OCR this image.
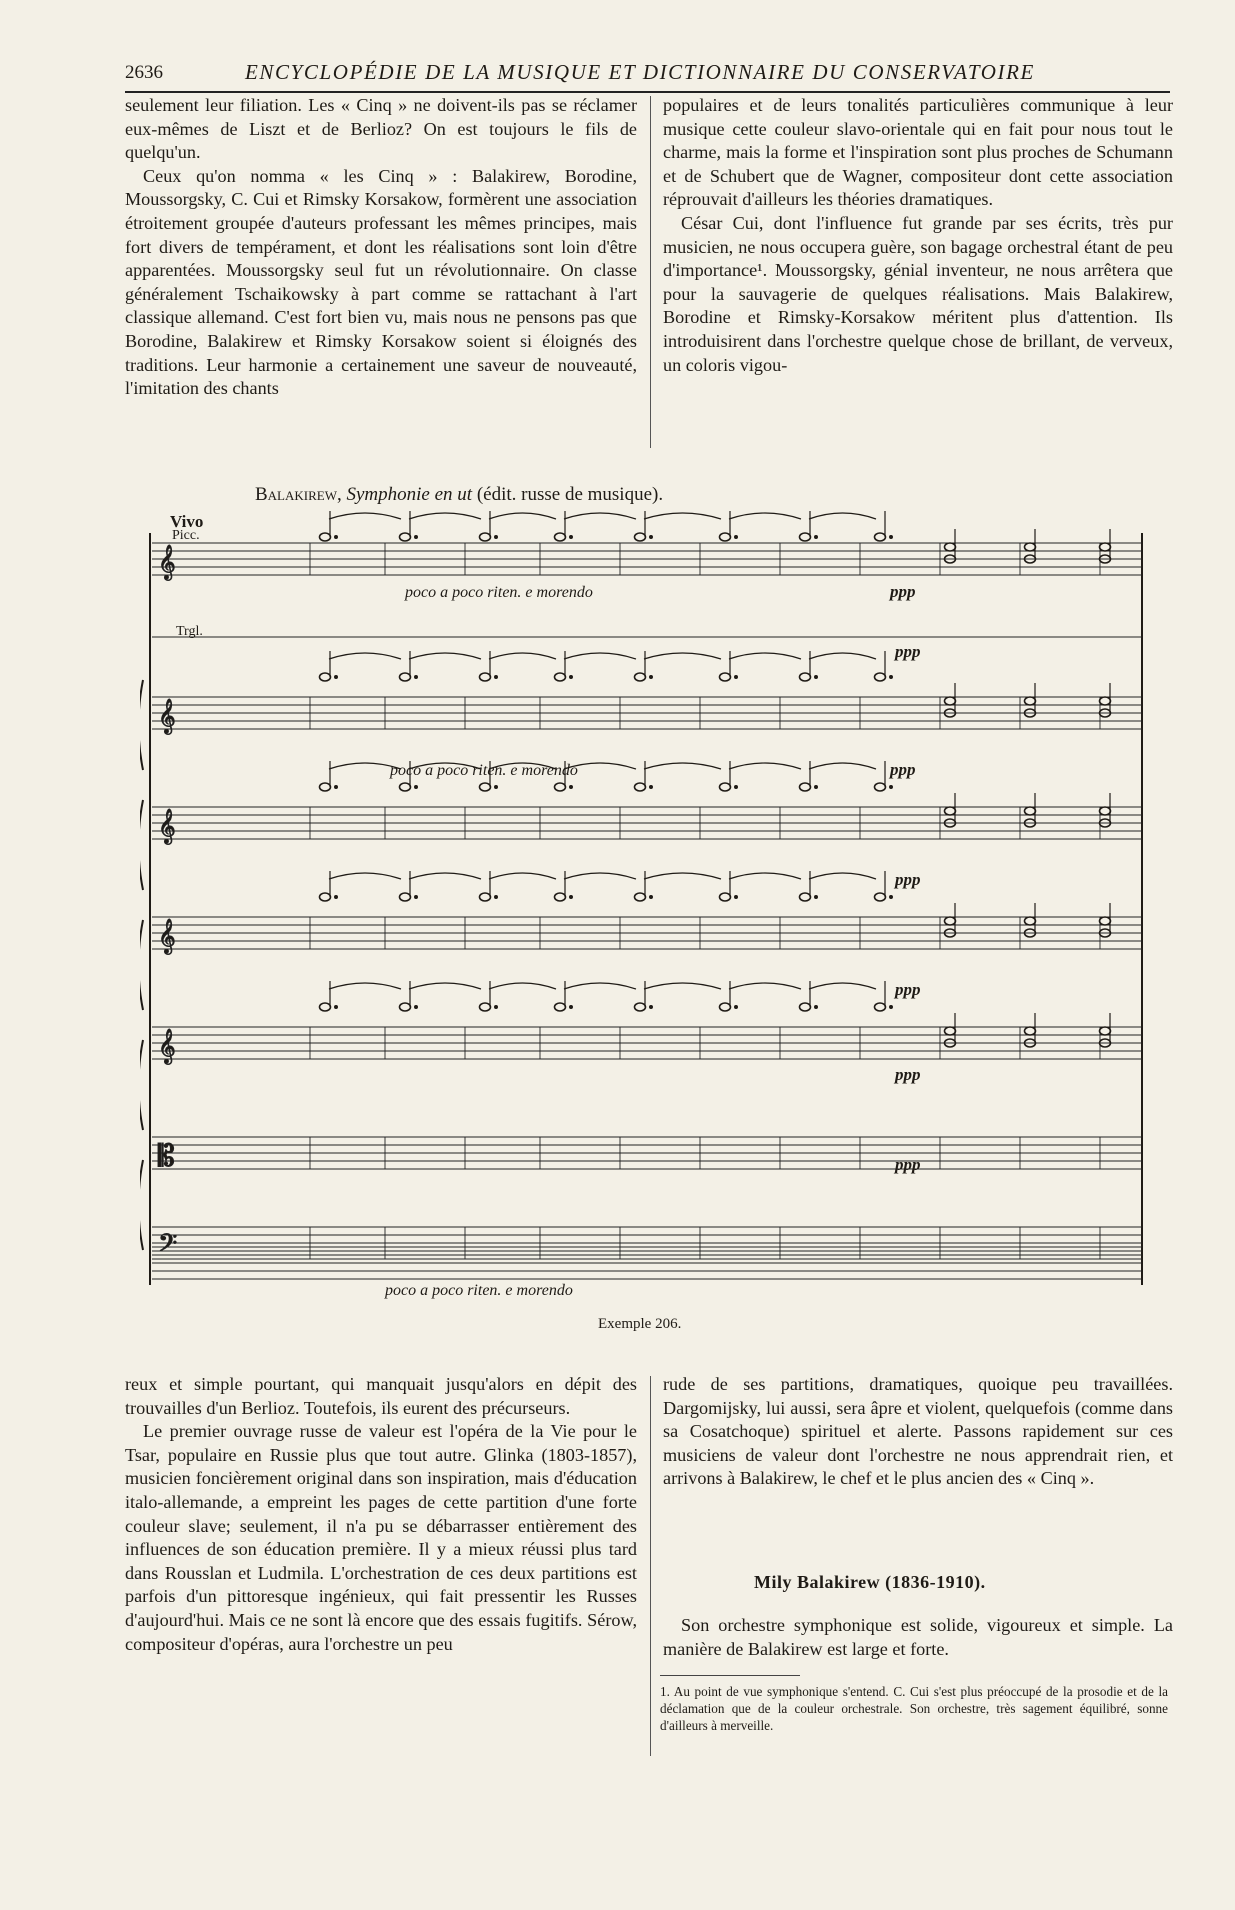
2636	ENCYCLOPÉDIE DE LA MUSIQUE ET DICTIONNAIRE DU CONSERVATOIRE

seulement leur filiation. Les « Cinq » ne doivent-ils pas se réclamer eux-mêmes de Liszt et de Berlioz? On est toujours le fils de quelqu'un.

Ceux qu'on nomma « les Cinq » : Balakirew, Borodine, Moussorgsky, C. Cui et Rimsky Korsakow, formèrent une association étroitement groupée d'auteurs professant les mêmes principes, mais fort divers de tempérament, et dont les réalisations sont loin d'être apparentées. Moussorgsky seul fut un révolutionnaire. On classe généralement Tschaikowsky à part comme se rattachant à l'art classique allemand. C'est fort bien vu, mais nous ne pensons pas que Borodine, Balakirew et Rimsky Korsakow soient si éloignés des traditions. Leur harmonie a certainement une saveur de nouveauté, l'imitation des chants

populaires et de leurs tonalités particulières communique à leur musique cette couleur slavo-orientale qui en fait pour nous tout le charme, mais la forme et l'inspiration sont plus proches de Schumann et de Schubert que de Wagner, compositeur dont cette association réprouvait d'ailleurs les théories dramatiques.

César Cui, dont l'influence fut grande par ses écrits, très pur musicien, ne nous occupera guère, son bagage orchestral étant de peu d'importance¹. Moussorgsky, génial inventeur, ne nous arrêtera que pour la sauvagerie de quelques réalisations. Mais Balakirew, Borodine et Rimsky-Korsakow méritent plus d'attention. Ils introduisirent dans l'orchestre quelque chose de brillant, de verveux, un coloris vigou-

Balakirew, Symphonie en ut (édit. russe de musique).
𝄞
𝄞
𝄞
𝄞
𝄞
𝄡
𝄢
Vivo
Picc.
Trgl.
poco a poco riten. e morendo
poco a poco riten. e morendo
poco a poco riten. e morendo
ppp
ppp
ppp
ppp
ppp
ppp
ppp
Exemple 206.

reux et simple pourtant, qui manquait jusqu'alors en dépit des trouvailles d'un Berlioz. Toutefois, ils eurent des précurseurs.

Le premier ouvrage russe de valeur est l'opéra de la Vie pour le Tsar, populaire en Russie plus que tout autre. Glinka (1803-1857), musicien foncièrement original dans son inspiration, mais d'éducation italo-allemande, a empreint les pages de cette partition d'une forte couleur slave; seulement, il n'a pu se débarrasser entièrement des influences de son éducation première. Il y a mieux réussi plus tard dans Rousslan et Ludmila. L'orchestration de ces deux partitions est parfois d'un pittoresque ingénieux, qui fait pressentir les Russes d'aujourd'hui. Mais ce ne sont là encore que des essais fugitifs. Sérow, compositeur d'opéras, aura l'orchestre un peu

rude de ses partitions, dramatiques, quoique peu travaillées. Dargomijsky, lui aussi, sera âpre et violent, quelquefois (comme dans sa Cosatchoque) spirituel et alerte. Passons rapidement sur ces musiciens de valeur dont l'orchestre ne nous apprendrait rien, et arrivons à Balakirew, le chef et le plus ancien des « Cinq ».

Mily Balakirew (1836-1910).

Son orchestre symphonique est solide, vigoureux et simple. La manière de Balakirew est large et forte.

1. Au point de vue symphonique s'entend. C. Cui s'est plus préoccupé de la prosodie et de la déclamation que de la couleur orchestrale. Son orchestre, très sagement équilibré, sonne d'ailleurs à merveille.
